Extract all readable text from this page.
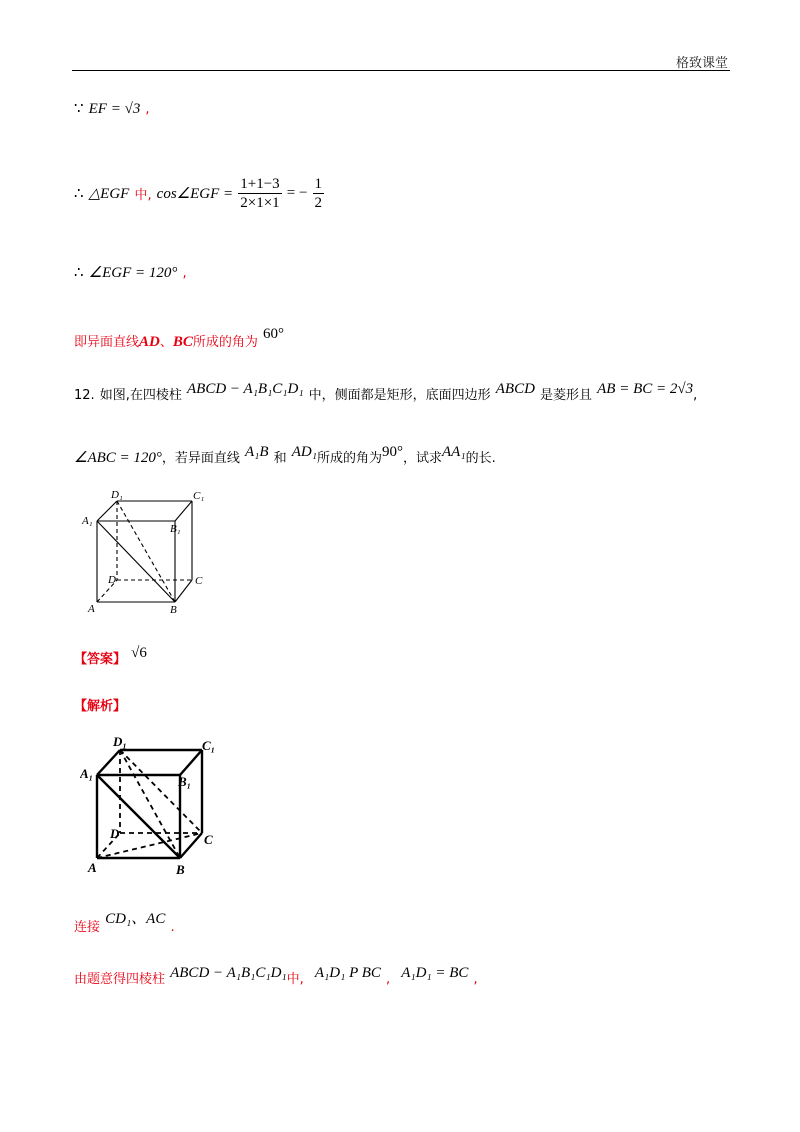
格致课堂
∵ EF = √3 ,
∴ △EGF 中, cos∠EGF = $\frac{1+1-3}{2\times 1\times 1}$ = − $\frac{1}{2}$
∴ ∠EGF = 120° ,
即异面直线AD、BC所成的角为 60°
12. 如图,在四棱柱 ABCD − A₁B₁C₁D₁ 中，侧面都是矩形，底面四边形 ABCD 是菱形且 AB = BC = 2√3,
∠ABC = 120°，若异面直线 A₁B 和 AD₁所成的角为90°，试求AA₁的长.
D₁	C₁
A₁
B₁
D	C
A	B
【答案】 √6
【解析】
D₁	C₁
A₁
B₁
D	C
A	B
连接 CD₁、AC .
由题意得四棱柱 ABCD − A₁B₁C₁D₁中, A₁D₁ P BC , A₁D₁ = BC ,
